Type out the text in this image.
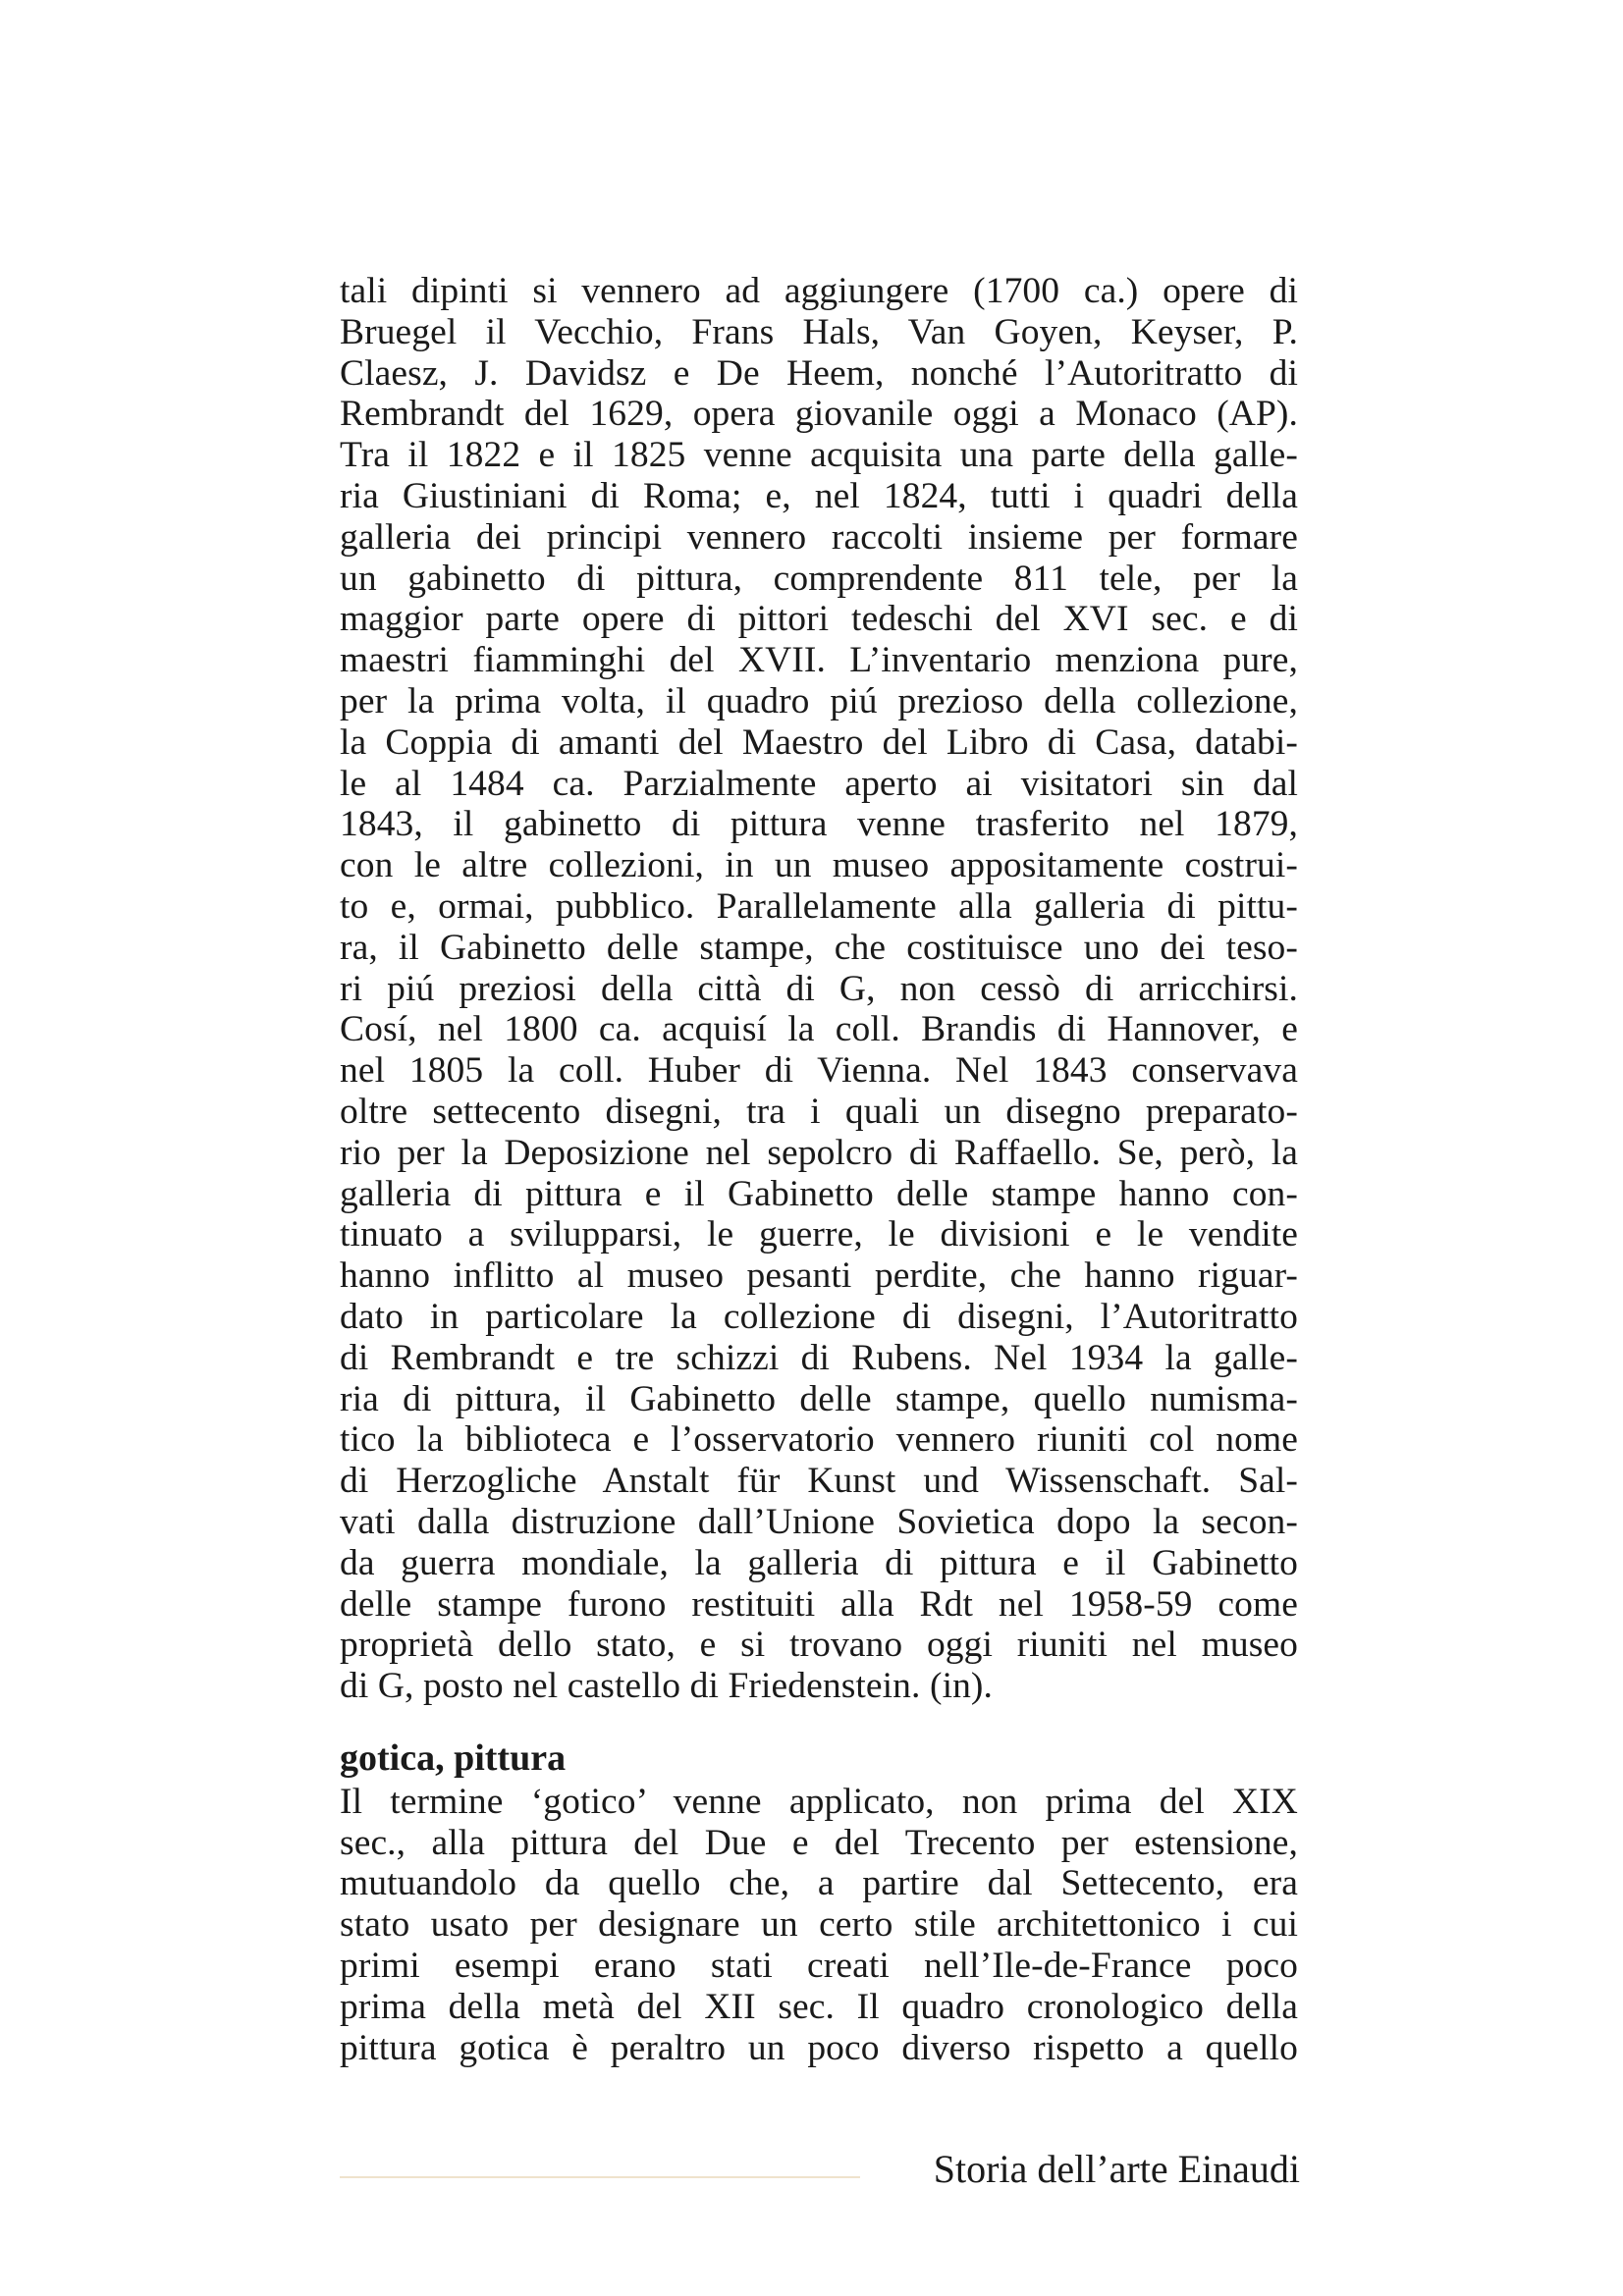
tali dipinti si vennero ad aggiungere (1700 ca.) opere di
Bruegel il Vecchio, Frans Hals, Van Goyen, Keyser, P.
Claesz, J. Davidsz e De Heem, nonché l’Autoritratto di
Rembrandt del 1629, opera giovanile oggi a Monaco (AP).
Tra il 1822 e il 1825 venne acquisita una parte della galle-
ria Giustiniani di Roma; e, nel 1824, tutti i quadri della
galleria dei principi vennero raccolti insieme per formare
un gabinetto di pittura, comprendente 811 tele, per la
maggior parte opere di pittori tedeschi del XVI sec. e di
maestri fiamminghi del XVII. L’inventario menziona pure,
per la prima volta, il quadro piú prezioso della collezione,
la Coppia di amanti del Maestro del Libro di Casa, databi-
le al 1484 ca. Parzialmente aperto ai visitatori sin dal
1843, il gabinetto di pittura venne trasferito nel 1879,
con le altre collezioni, in un museo appositamente costrui-
to e, ormai, pubblico. Parallelamente alla galleria di pittu-
ra, il Gabinetto delle stampe, che costituisce uno dei teso-
ri piú preziosi della città di G, non cessò di arricchirsi.
Cosí, nel 1800 ca. acquisí la coll. Brandis di Hannover, e
nel 1805 la coll. Huber di Vienna. Nel 1843 conservava
oltre settecento disegni, tra i quali un disegno preparato-
rio per la Deposizione nel sepolcro di Raffaello. Se, però, la
galleria di pittura e il Gabinetto delle stampe hanno con-
tinuato a svilupparsi, le guerre, le divisioni e le vendite
hanno inflitto al museo pesanti perdite, che hanno riguar-
dato in particolare la collezione di disegni, l’Autoritratto
di Rembrandt e tre schizzi di Rubens. Nel 1934 la galle-
ria di pittura, il Gabinetto delle stampe, quello numisma-
tico la biblioteca e l’osservatorio vennero riuniti col nome
di Herzogliche Anstalt für Kunst und Wissenschaft. Sal-
vati dalla distruzione dall’Unione Sovietica dopo la secon-
da guerra mondiale, la galleria di pittura e il Gabinetto
delle stampe furono restituiti alla Rdt nel 1958-59 come
proprietà dello stato, e si trovano oggi riuniti nel museo
di G, posto nel castello di Friedenstein. (in).
gotica, pittura
Il termine ‘gotico’ venne applicato, non prima del XIX
sec., alla pittura del Due e del Trecento per estensione,
mutuandolo da quello che, a partire dal Settecento, era
stato usato per designare un certo stile architettonico i cui
primi esempi erano stati creati nell’Ile-de-France poco
prima della metà del XII sec. Il quadro cronologico della
pittura gotica è peraltro un poco diverso rispetto a quello
Storia dell’arte Einaudi
